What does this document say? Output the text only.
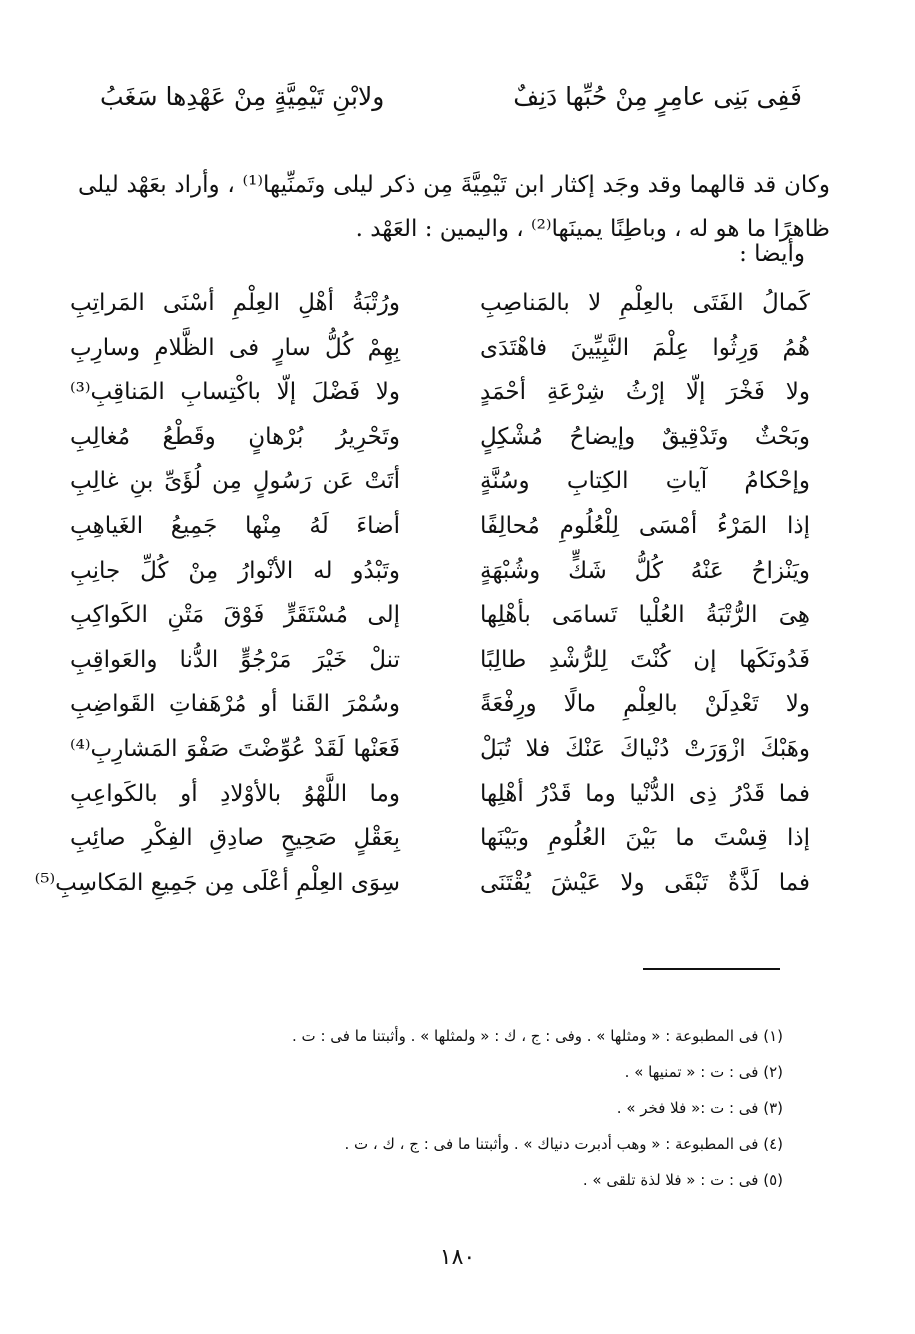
فَفِى بَنِى عامِرٍ مِنْ حُبِّها دَنِفٌ
ولابْنِ تَيْمِيَّةٍ مِنْ عَهْدِها سَغَبُ

وكان قد قالهما وقد وجَد إكثار ابن تَيْمِيَّةَ مِن ذكر ليلى وتَمنِّيها⁽¹⁾ ، وأراد بعَهْد ليلى ظاهرًا ما هو له ، وباطِنًا يمينَها⁽²⁾ ، واليمين : العَهْد .

وأيضا :
كَمالُ الفَتَى بالعِلْمِ لا بالمَناصِبِ
ورُتْبَةُ أهْلِ العِلْمِ أسْنَى المَراتِبِ
هُمُ وَرِثُوا عِلْمَ النَّبِيِّينَ فاهْتَدَى
بِهِمْ كُلُّ سارٍ فى الظَّلامِ وسارِبِ
ولا فَخْرَ إلّا إرْثُ شِرْعَةِ أحْمَدٍ
ولا فَضْلَ إلّا باكْتِسابِ المَناقِبِ⁽³⁾
وبَحْثٌ وتَدْقِيقٌ وإيضاحُ مُشْكِلٍ
وتَحْرِيرُ بُرْهانٍ وقَطْعُ مُغالِبِ
وإحْكامُ آياتِ الكِتابِ وسُنَّةٍ
أتَتْ عَن رَسُولٍ مِن لُؤَىِّ بنِ غالِبِ
إذا المَرْءُ أمْسَى لِلْعُلُومِ مُحالِفًا
أضاءَ لَهُ مِنْها جَمِيعُ الغَياهِبِ
ويَنْزاحُ عَنْهُ كُلُّ شَكٍّ وشُبْهَةٍ
وتَبْدُو له الأنْوارُ مِنْ كُلِّ جانِبِ
هِىَ الرُّتْبَةُ العُلْيا تَسامَى بأهْلِها
إلى مُسْتَقَرٍّ فَوْقَ مَتْنِ الكَواكِبِ
فَدُونَكَها إن كُنْتَ لِلرُّشْدِ طالِبًا
تنلْ خَيْرَ مَرْجُوٍّ الدُّنا والعَواقِبِ
ولا تَعْدِلَنْ بالعِلْمِ مالًا ورِفْعَةً
وسُمْرَ القَنا أو مُرْهَفاتِ القَواضِبِ
وهَبْكَ ازْوَرَتْ دُنْياكَ عَنْكَ فلا تُبَلْ
فَعَنْها لَقَدْ عُوِّضْتَ صَفْوَ المَشارِبِ⁽⁴⁾
فما قَدْرُ ذِى الدُّنْيا وما قَدْرُ أهْلِها
وما اللَّهْوُ بالأوْلادِ أو بالكَواعِبِ
إذا قِسْتَ ما بَيْنَ العُلُومِ وبَيْنَها
بِعَقْلٍ صَحِيحٍ صادِقِ الفِكْرِ صائِبِ
فما لَذَّةٌ تَبْقَى ولا عَيْشَ يُقْتَنَى
سِوَى العِلْمِ أعْلَى مِن جَمِيعِ المَكاسِبِ⁽⁵⁾
(١) فى المطبوعة : « ومثلها » . وفى : ج ، ك : « ولمثلها » . وأثبتنا ما فى : ت .
(٢) فى : ت : « تمنيها » .
(٣) فى : ت :« فلا فخر » .
(٤) فى المطبوعة : « وهب أدبرت دنياك » . وأثبتنا ما فى : ج ، ك ، ت .
(٥) فى : ت : « فلا لذة تلقى » .
١٨٠
